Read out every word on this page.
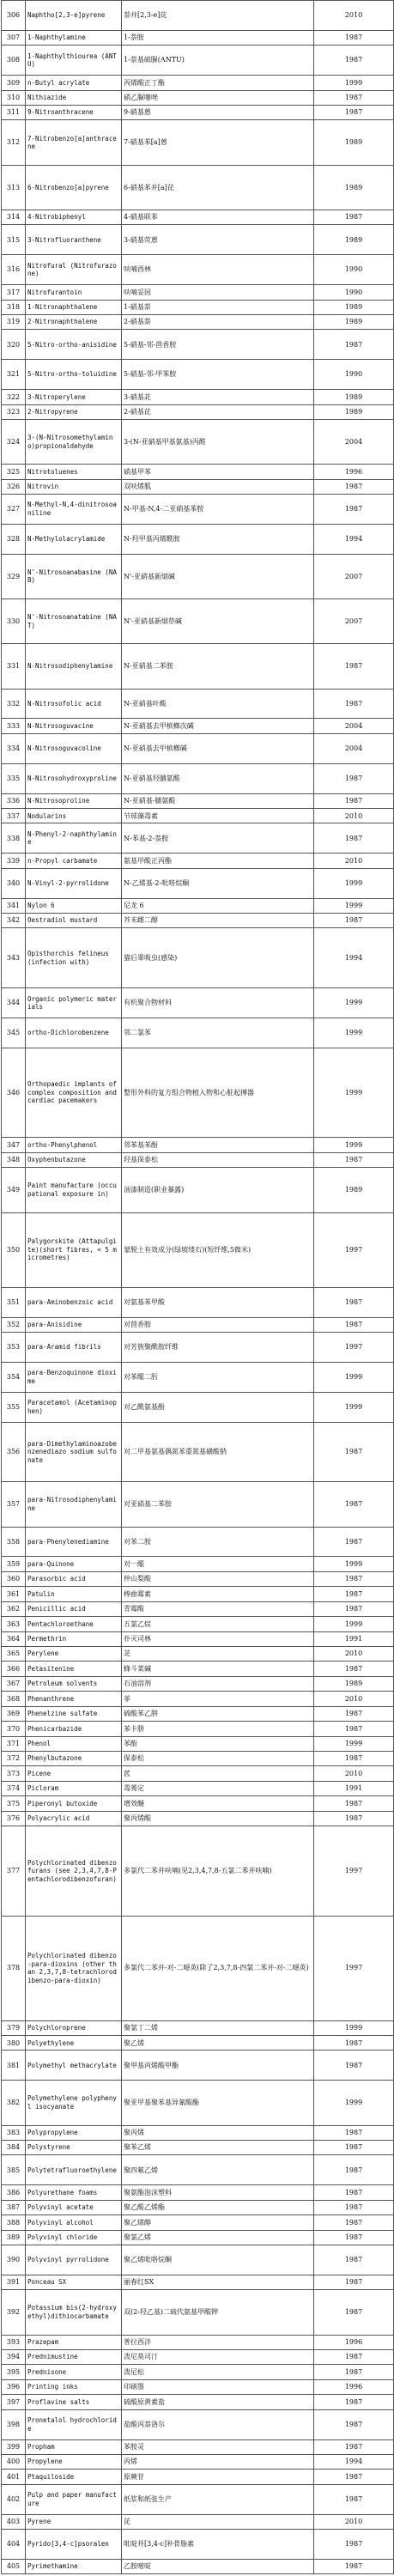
306	Naphtho[2,3-e]pyrene	萘并[2,3-e]芘	2010
307	1-Naphthylamine	1-萘胺	1987
308	1-Naphthylthiourea (ANTU)	1-萘基硫脲(ANTU)	1987
309	n-Butyl acrylate	丙烯酸正丁酯	1999
310	Nithiazide	硝乙脲噻唑	1987
311	9-Nitroanthracene	9-硝基蒽	1987
312	7-Nitrobenzo[a]anthracene	7-硝基苯[a]蒽	1989
313	6-Nitrobenzo[a]pyrene	6-硝基苯并[a]芘	1989
314	4-Nitrobiphenyl	4-硝基联苯	1987
315	3-Nitrofluoranthene	3-硝基荧蒽	1989
316	Nitrofural (Nitrofurazone)	呋喃西林	1990
317	Nitrofurantoin	呋喃妥因	1990
318	1-Nitronaphthalene	1-硝基萘	1989
319	2-Nitronaphthalene	2-硝基萘	1989
320	5-Nitro-ortho-anisidine	5-硝基-邻-茴香胺	1987
321	5-Nitro-ortho-toluidine	5-硝基-邻-甲苯胺	1990
322	3-Nitroperylene	3-硝基苝	1989
323	2-Nitropyrene	2-硝基芘	1989
324	3-(N-Nitrosomethylamino)propionaldehyde	3-(N-亚硝基甲基氨基)丙醛	2004
325	Nitrotoluenes	硝基甲苯	1996
326	Nitrovin	双呋烯胍	1987
327	N-Methyl-N,4-dinitrosoaniline	N-甲基-N,4-二亚硝基苯胺	1987
328	N-Methylolacrylamide	N-羟甲基丙烯酰胺	1994
329	N'-Nitrosoanabasine (NAB)	N'-亚硝基新烟碱	2007
330	N'-Nitrosoanatabine (NAT)	N'-亚硝基新烟草碱	2007
331	N-Nitrosodiphenylamine	N-亚硝基二苯胺	1987
332	N-Nitrosofolic acid	N-亚硝基叶酸	1987
333	N-Nitrosoguvacine	N-亚硝基去甲槟榔次碱	2004
334	N-Nitrosoguvacoline	N-亚硝基去甲槟榔碱	2004
335	N-Nitrosohydroxyproline	N-亚硝基羟脯氨酸	1987
336	N-Nitrosoproline	N-亚硝基-脯氨酸	1987
337	Nodularins	节球藻毒素	2010
338	N-Phenyl-2-naphthylamine	N-苯基-2-萘胺	1987
339	n-Propyl carbamate	氨基甲酸正丙酯	2010
340	N-Vinyl-2-pyrrolidone	N-乙烯基-2-吡咯烷酮	1999
341	Nylon 6	尼龙 6	1999
342	Oestradiol mustard	芥末雌二醇	1987
343	Opisthorchis felineus (infection with)	猫后睾吸虫(感染)	1994
344	Organic polymeric materials	有机聚合物材料	1999
345	ortho-Dichlorobenzene	邻二氯苯	1999
346	Orthopaedic implants of complex composition and cardiac pacemakers	整形外科的复方组合物植入物和心脏起搏器	1999
347	ortho-Phenylphenol	邻苯基苯酚	1999
348	Oxyphenbutazone	羟基保泰松	1987
349	Paint manufacture (occupational exposure in)	油漆制造(职业暴露)	1989
350	Palygorskite (Attapulgite)(short fibres, < 5 micrometres)	蒙脱土有效成分(绿坡缕石)(短纤维,5微米)	1997
351	para-Aminobenzoic acid	对氨基苯甲酸	1987
352	para-Anisidine	对茴香胺	1987
353	para-Aramid fibrils	对芳族聚酰胺纤维	1997
354	para-Benzoquinone dioxime	对苯醌二肟	1999
355	Paracetamol (Acetaminophen)	对乙酰氨基酚	1999
356	para-Dimethylaminoazobenzenediazo sodium sulfonate	对二甲基氨基偶氮苯重氮基磺酸钠	1987
357	para-Nitrosodiphenylamine	对亚硝基二苯胺	1987
358	para-Phenylenediamine	对苯二胺	1987
359	para-Quinone	对一醌	1999
360	Parasorbic acid	仲山梨酸	1987
361	Patulin	棒曲霉素	1987
362	Penicillic acid	青霉酸	1987
363	Pentachloroethane	五氯乙烷	1999
364	Permethrin	扑灭司林	1991
365	Perylene	苝	2010
366	Petasitenine	蜂斗菜碱	1987
367	Petroleum solvents	石油溶剂	1989
368	Phenanthrene	菲	2010
369	Phenelzine sulfate	硫酸苯乙肼	1987
370	Phenicarbazide	苯卡肼	1987
371	Phenol	苯酚	1999
372	Phenylbutazone	保泰松	1987
373	Picene	苉	2010
374	Picloram	毒莠定	1991
375	Piperonyl butoxide	增效醚	1987
376	Polyacrylic acid	聚丙烯酸	1987
377	Polychlorinated dibenzofurans (see 2,3,4,7,8-Pentachlorodibenzofuran)	多氯代二苯并呋喃(见2,3,4,7,8-五氯二苯并呋喃)	1997
378	Polychlorinated dibenzo-para-dioxins (other than 2,3,7,8-tetrachlorodibenzo-para-dioxin)	多氯代二苯并-对-二噁英(除了2,3,7,8-四氯二苯并-对-二噁英)	1997
379	Polychloroprene	聚氯丁二烯	1999
380	Polyethylene	聚乙烯	1987
381	Polymethyl methacrylate	聚甲基丙烯酸甲酯	1987
382	Polymethylene polyphenyl isocyanate	聚亚甲基聚苯基异氰酸酯	1999
383	Polypropylene	聚丙烯	1987
384	Polystyrene	聚苯乙烯	1987
385	Polytetrafluoroethylene	聚四氟乙烯	1987
386	Polyurethane foams	聚氨酯泡沫塑料	1987
387	Polyvinyl acetate	聚乙酸乙烯酯	1987
388	Polyvinyl alcohol	聚乙烯醇	1987
389	Polyvinyl chloride	聚氯乙烯	1987
390	Polyvinyl pyrrolidone	聚乙烯吡咯烷酮	1987
391	Ponceau SX	丽春红SX	1987
392	Potassium bis(2-hydroxyethyl)dithiocarbamate	双(2-羟乙基)二硫代氨基甲酸钾	1987
393	Prazepam	普拉西泮	1996
394	Prednimustine	泼尼莫司汀	1987
395	Prednisone	泼尼松	1987
396	Printing inks	印刷墨	1996
397	Proflavine salts	硫酸原黄素盐	1987
398	Pronetalol hydrochloride	盐酸丙萘洛尔	1987
399	Propham	苯胺灵	1987
400	Propylene	丙烯	1994
401	Ptaquiloside	原蕨苷	1987
402	Pulp and paper manufacture	纸浆和纸张生产	1987
403	Pyrene	芘	2010
404	Pyrido[3,4-c]psoralen	吡啶并[3,4-c]补骨脂素	1987
405	Pyrimethamine	乙胺嘧啶	1987
